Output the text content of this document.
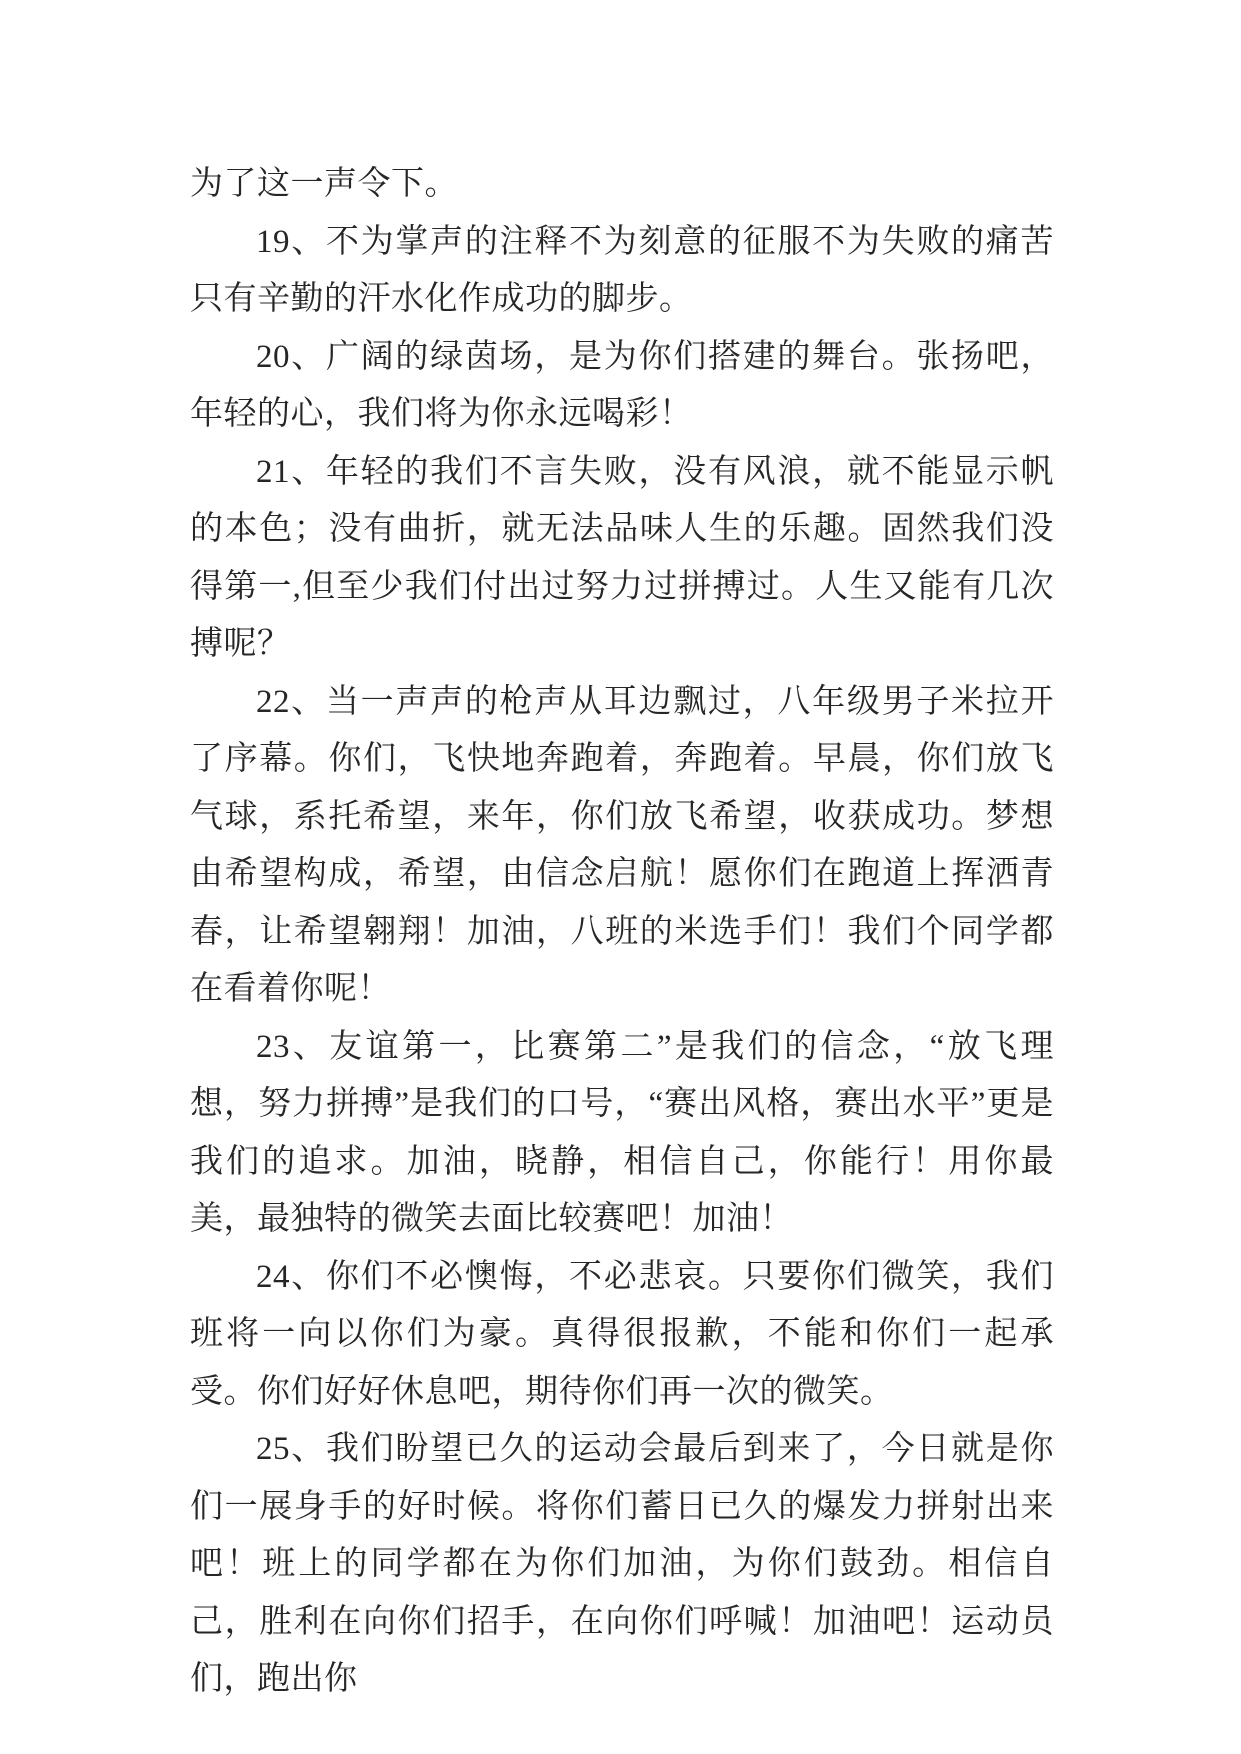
为了这一声令下。

19、不为掌声的注释不为刻意的征服不为失败的痛苦只有辛勤的汗水化作成功的脚步。

20、广阔的绿茵场，是为你们搭建的舞台。张扬吧，年轻的心，我们将为你永远喝彩！

21、年轻的我们不言失败，没有风浪，就不能显示帆的本色；没有曲折，就无法品味人生的乐趣。固然我们没得第一,但至少我们付出过努力过拼搏过。人生又能有几次搏呢？

22、当一声声的枪声从耳边飘过，八年级男子米拉开了序幕。你们，飞快地奔跑着，奔跑着。早晨，你们放飞气球，系托希望，来年，你们放飞希望，收获成功。梦想由希望构成，希望，由信念启航！愿你们在跑道上挥洒青春，让希望翱翔！加油，八班的米选手们！我们个同学都在看着你呢！

23、友谊第一，比赛第二”是我们的信念，“放飞理想，努力拼搏”是我们的口号，“赛出风格，赛出水平”更是我们的追求。加油，晓静，相信自己，你能行！用你最美，最独特的微笑去面比较赛吧！加油！

24、你们不必懊悔，不必悲哀。只要你们微笑，我们班将一向以你们为豪。真得很报歉，不能和你们一起承受。你们好好休息吧，期待你们再一次的微笑。

25、我们盼望已久的运动会最后到来了，今日就是你们一展身手的好时候。将你们蓄日已久的爆发力拼射出来吧！班上的同学都在为你们加油，为你们鼓劲。相信自己，胜利在向你们招手，在向你们呼喊！加油吧！运动员们，跑出你
